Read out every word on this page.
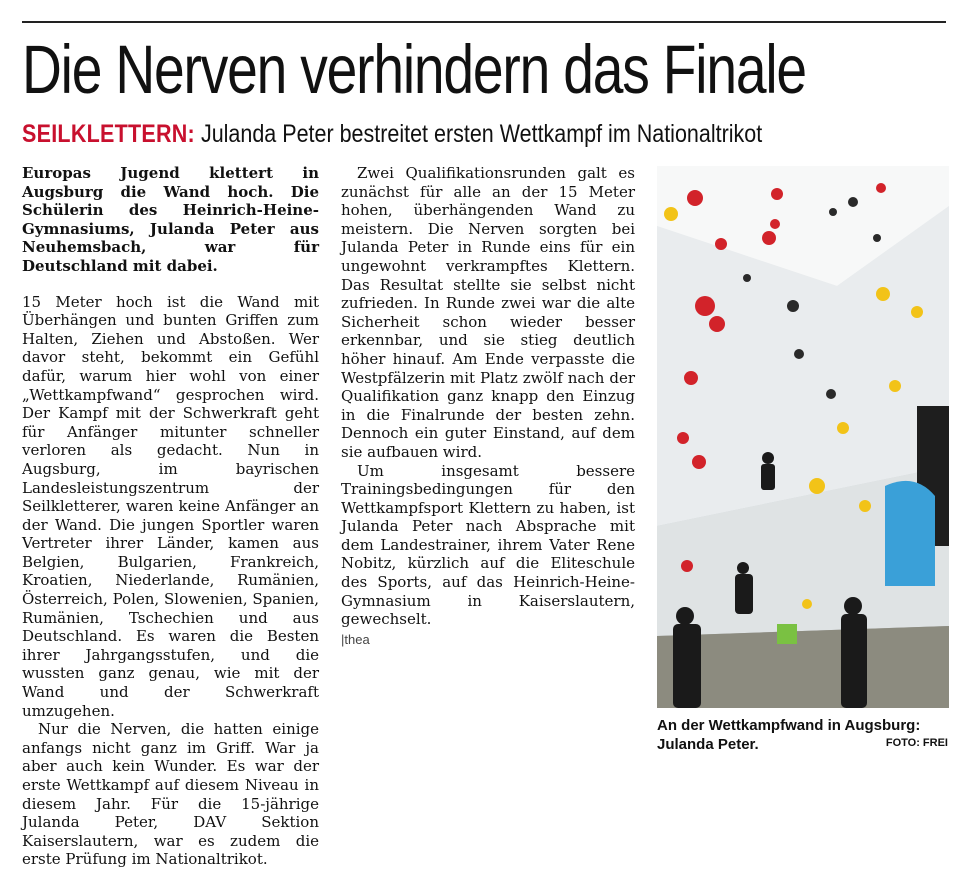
Die Nerven verhindern das Finale
SEILKLETTERN: Julanda Peter bestreitet ersten Wettkampf im Nationaltrikot

Europas Jugend klettert in Augsburg die Wand hoch. Die Schülerin des Heinrich-Heine-Gymnasiums, Julanda Peter aus Neuhemsbach, war für Deutschland mit dabei.

15 Meter hoch ist die Wand mit Überhängen und bunten Griffen zum Halten, Ziehen und Abstoßen. Wer davor steht, bekommt ein Gefühl dafür, warum hier wohl von einer „Wettkampfwand“ gesprochen wird. Der Kampf mit der Schwerkraft geht für Anfänger mitunter schneller verloren als gedacht. Nun in Augsburg, im bayrischen Landesleistungszentrum der Seilkletterer, waren keine Anfänger an der Wand. Die jungen Sportler waren Vertreter ihrer Länder, kamen aus Belgien, Bulgarien, Frankreich, Kroatien, Niederlande, Rumänien, Österreich, Polen, Slowenien, Spanien, Rumänien, Tschechien und aus Deutschland. Es waren die Besten ihrer Jahrgangsstufen, und die wussten ganz genau, wie mit der Wand und der Schwerkraft umzugehen.

Nur die Nerven, die hatten einige anfangs nicht ganz im Griff. War ja aber auch kein Wunder. Es war der erste Wettkampf auf diesem Niveau in diesem Jahr. Für die 15-jährige Julanda Peter, DAV Sektion Kaiserslautern, war es zudem die erste Prüfung im Nationaltrikot.

Zwei Qualifikationsrunden galt es zunächst für alle an der 15 Meter hohen, überhängenden Wand zu meistern. Die Nerven sorgten bei Julanda Peter in Runde eins für ein ungewohnt verkrampftes Klettern. Das Resultat stellte sie selbst nicht zufrieden. In Runde zwei war die alte Sicherheit schon wieder besser erkennbar, und sie stieg deutlich höher hinauf. Am Ende verpasste die Westpfälzerin mit Platz zwölf nach der Qualifikation ganz knapp den Einzug in die Finalrunde der besten zehn. Dennoch ein guter Einstand, auf dem sie aufbauen wird.

Um insgesamt bessere Trainingsbedingungen für den Wettkampfsport Klettern zu haben, ist Julanda Peter nach Absprache mit dem Landestrainer, ihrem Vater Rene Nobitz, kürzlich auf die Eliteschule des Sports, auf das Heinrich-Heine-Gymnasium in Kaiserslautern, gewechselt.

|thea

An der Wettkampfwand in Augsburg: Julanda Peter.	FOTO: FREI
